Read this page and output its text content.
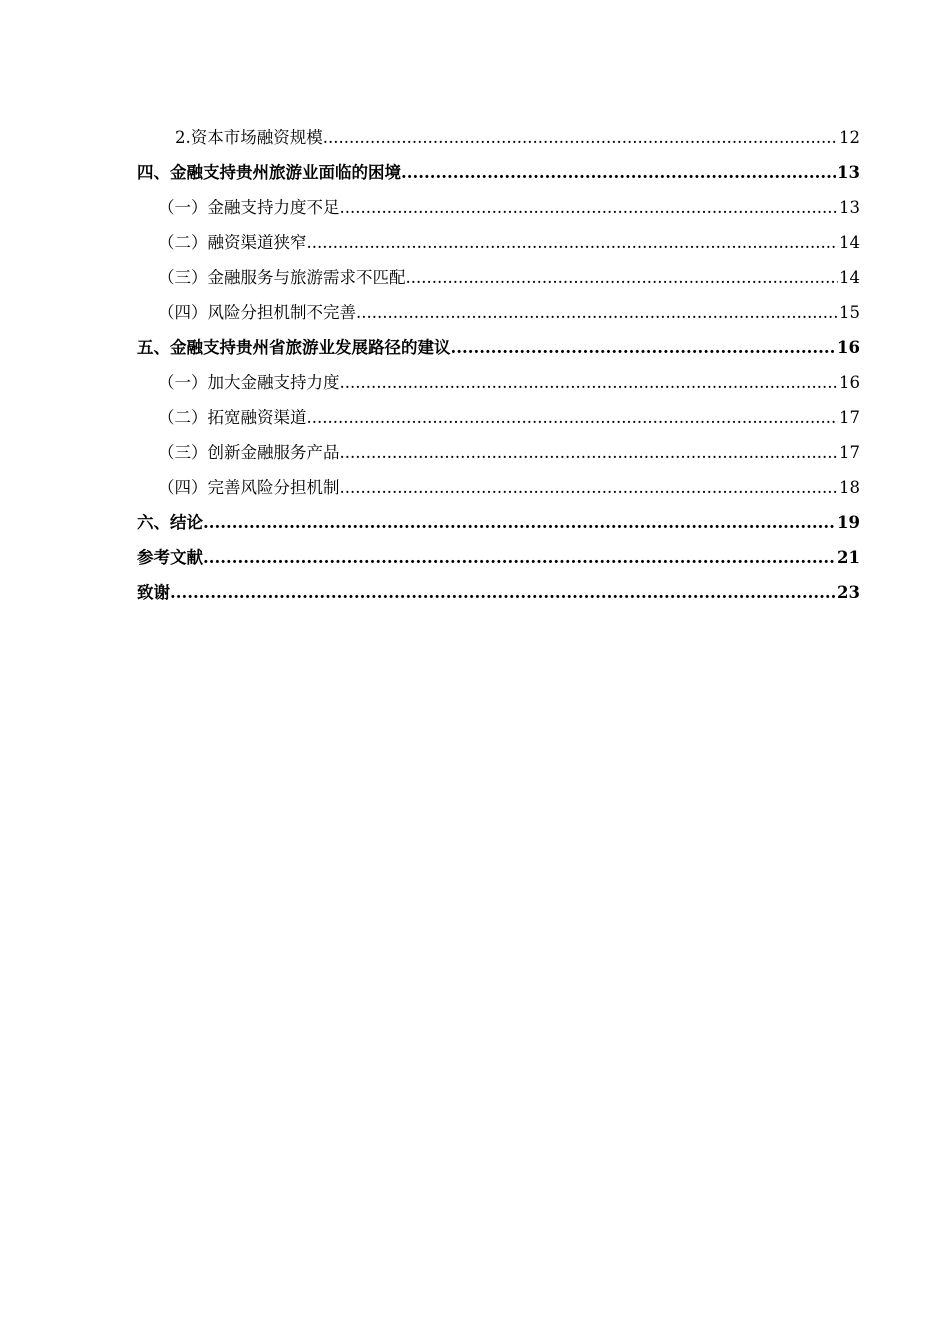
2.资本市场融资规模 .....	12
四、金融支持贵州旅游业面临的困境 .....	13
（一）金融支持力度不足 .....	13
（二）融资渠道狭窄 .....	14
（三）金融服务与旅游需求不匹配 .....	14
（四）风险分担机制不完善 .....	15
五、金融支持贵州省旅游业发展路径的建议 .....	16
（一）加大金融支持力度 .....	16
（二）拓宽融资渠道 .....	17
（三）创新金融服务产品 .....	17
（四）完善风险分担机制 .....	18
六、结论 .....	19
参考文献 .....	21
致谢 .....	23
